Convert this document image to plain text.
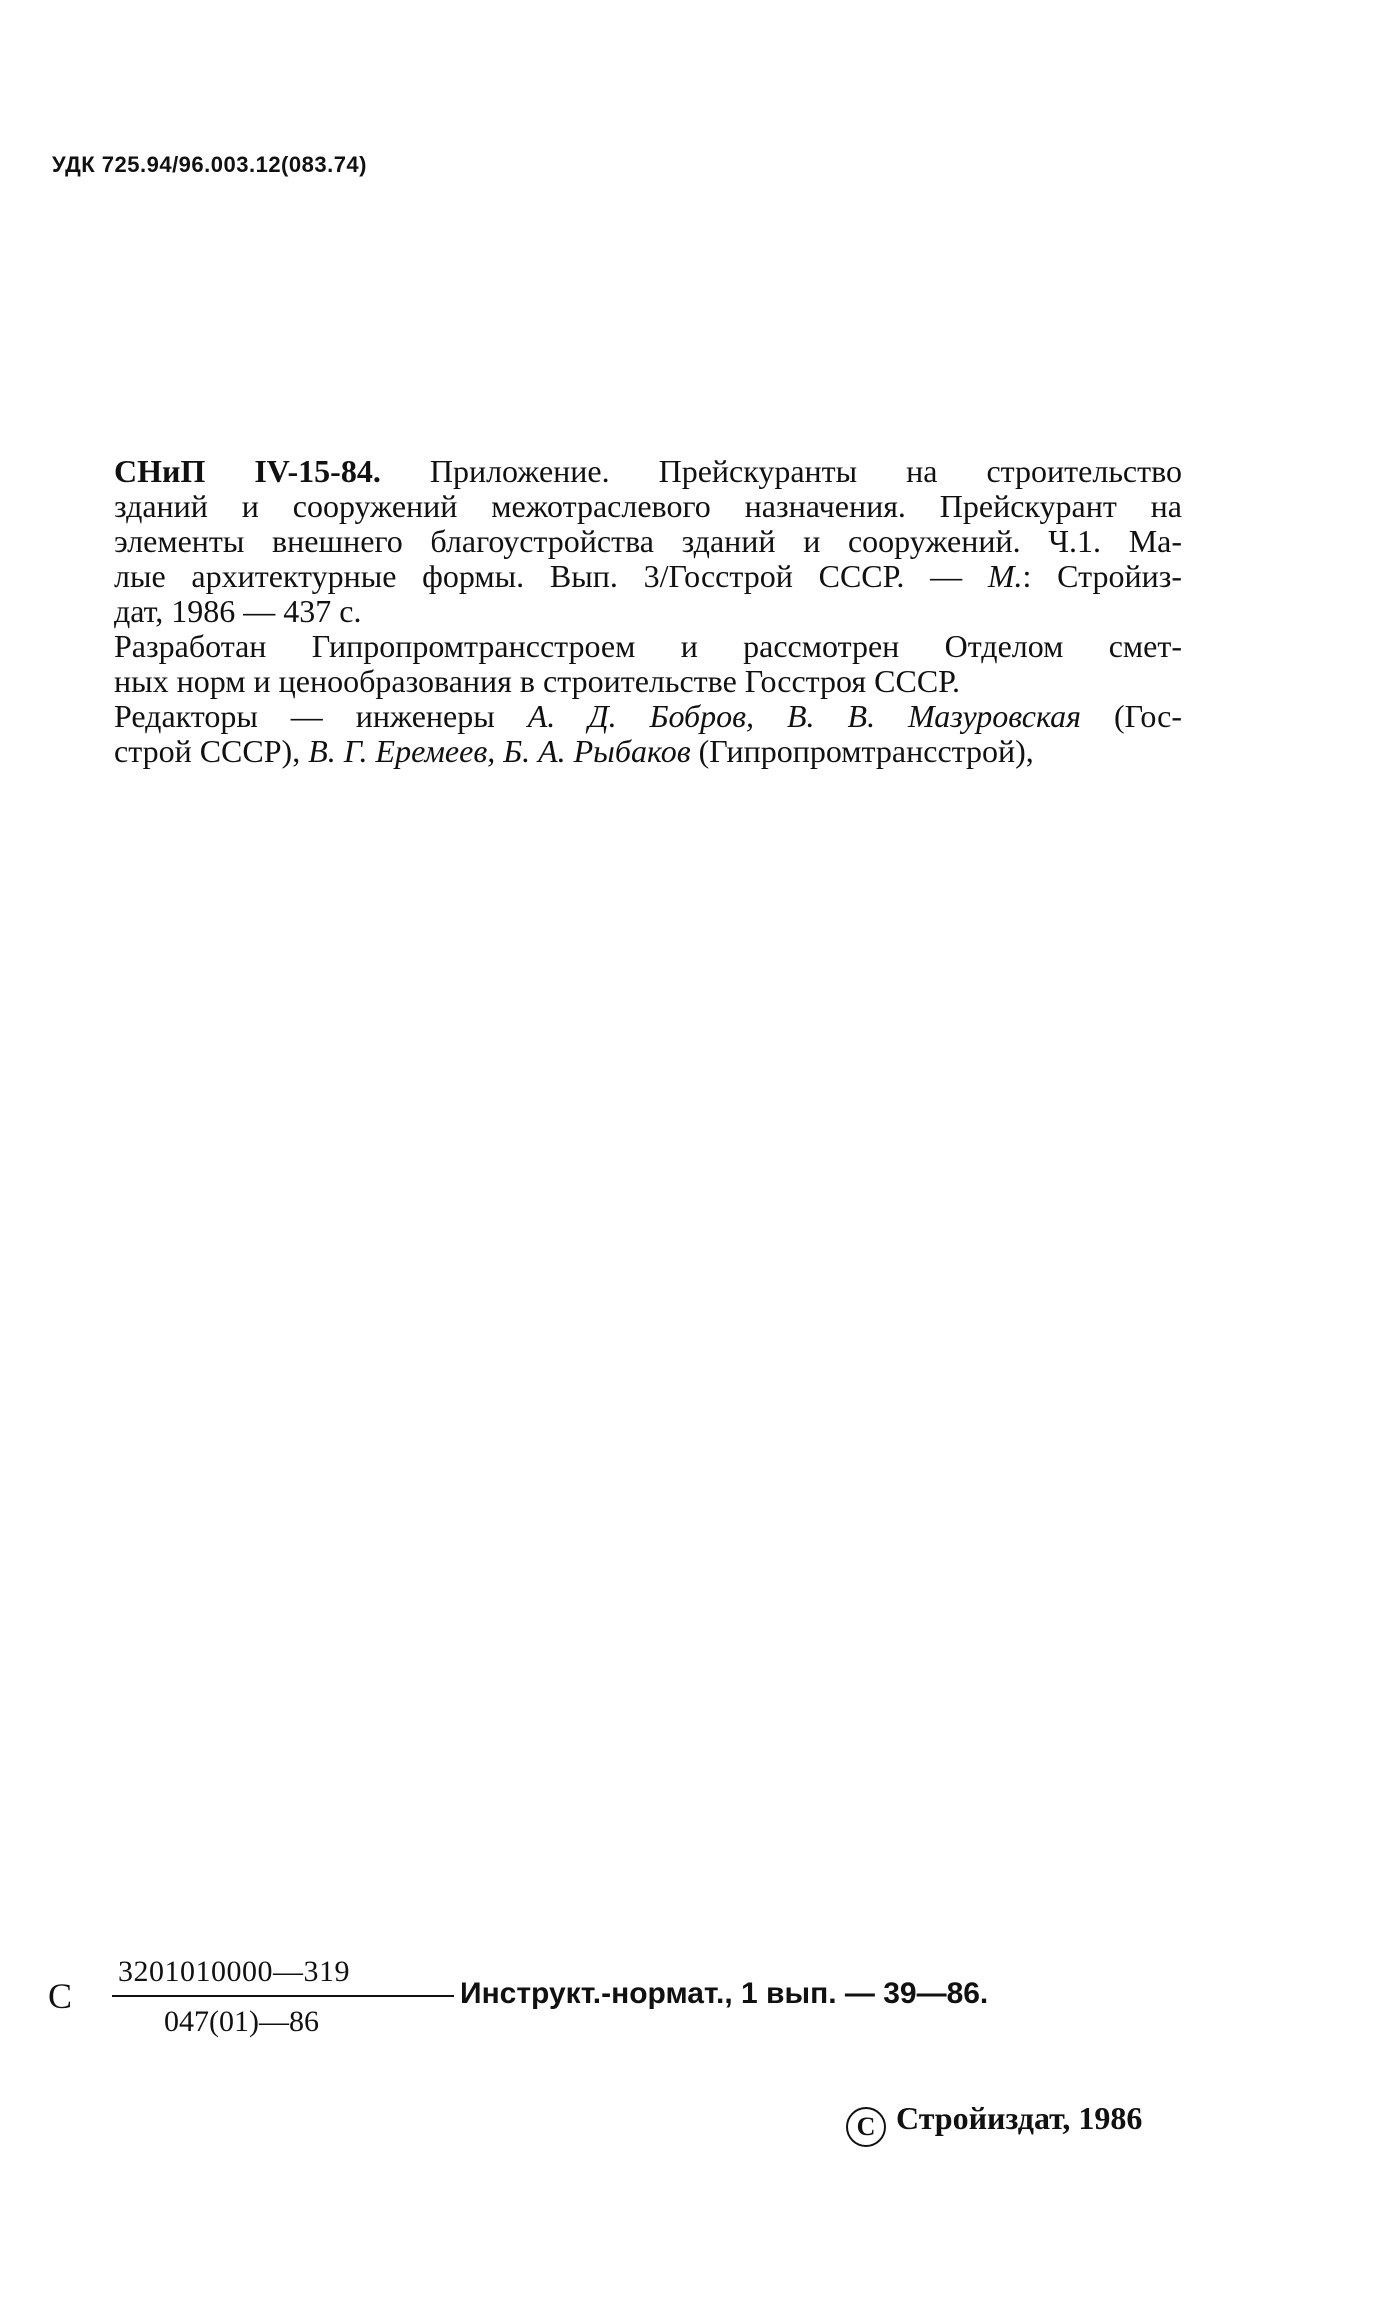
УДК 725.94/96.003.12(083.74)
СНиП IV-15-84. Приложение. Прейскуранты на строительство
зданий и сооружений межотраслевого назначения. Прейскурант на
элементы внешнего благоустройства зданий и сооружений. Ч.1. Ма-
лые архитектурные формы. Вып. 3/Госстрой СССР. — М.: Стройиз-
дат, 1986 — 437 с.
Разработан Гипропромтрансстроем и рассмотрен Отделом смет-
ных норм и ценообразования в строительстве Госстроя СССР.
Редакторы — инженеры А. Д. Бобров, В. В. Мазуровская (Гос-
строй СССР), В. Г. Еремеев, Б. А. Рыбаков (Гипропромтрансстрой),
С
3201010000—319
047(01)—86
Инструкт.-нормат., 1 вып. — 39—86.
C Стройиздат, 1986
